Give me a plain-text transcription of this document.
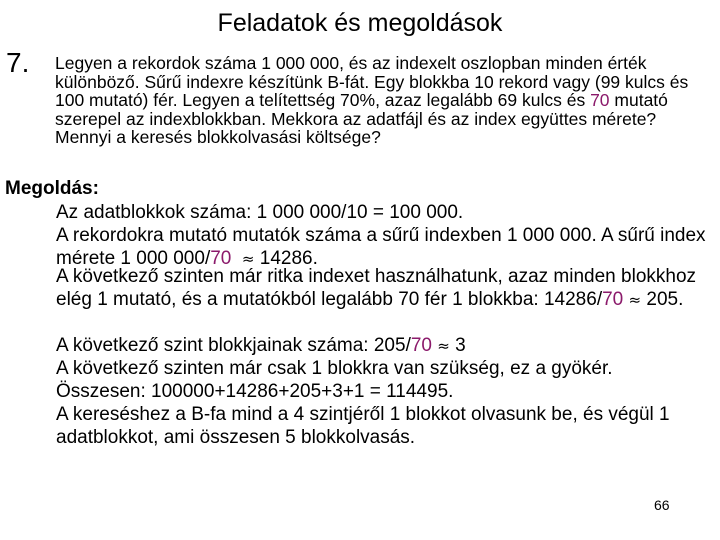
Feladatok és megoldások
7. Legyen a rekordok száma 1 000 000, és az indexelt oszlopban minden érték különböző. Sűrű indexre készítünk B-fát. Egy blokkba 10 rekord vagy (99 kulcs és 100 mutató) fér. Legyen a telítettség 70%, azaz legalább 69 kulcs és 70 mutató szerepel az indexblokkban. Mekkora az adatfájl és az index együttes mérete? Mennyi a keresés blokkolvasási költsége?
Megoldás:
Az adatblokkok száma: 1 000 000/10 = 100 000.
A rekordokra mutató mutatók száma a sűrű indexben 1 000 000. A sűrű index mérete 1 000 000/70 ≈ 14286.
A következő szinten már ritka indexet használhatunk, azaz minden blokkhoz elég 1 mutató, és a mutatókból legalább 70 fér 1 blokkba: 14286/70 ≈ 205.
A következő szint blokkjainak száma: 205/70 ≈ 3
A következő szinten már csak 1 blokkra van szükség, ez a gyökér.
Összesen: 100000+14286+205+3+1 = 114495.
A kereséshez a B-fa mind a 4 szintjéről 1 blokkot olvasunk be, és végül 1 adatblokkot, ami összesen 5 blokkolvasás.
66
